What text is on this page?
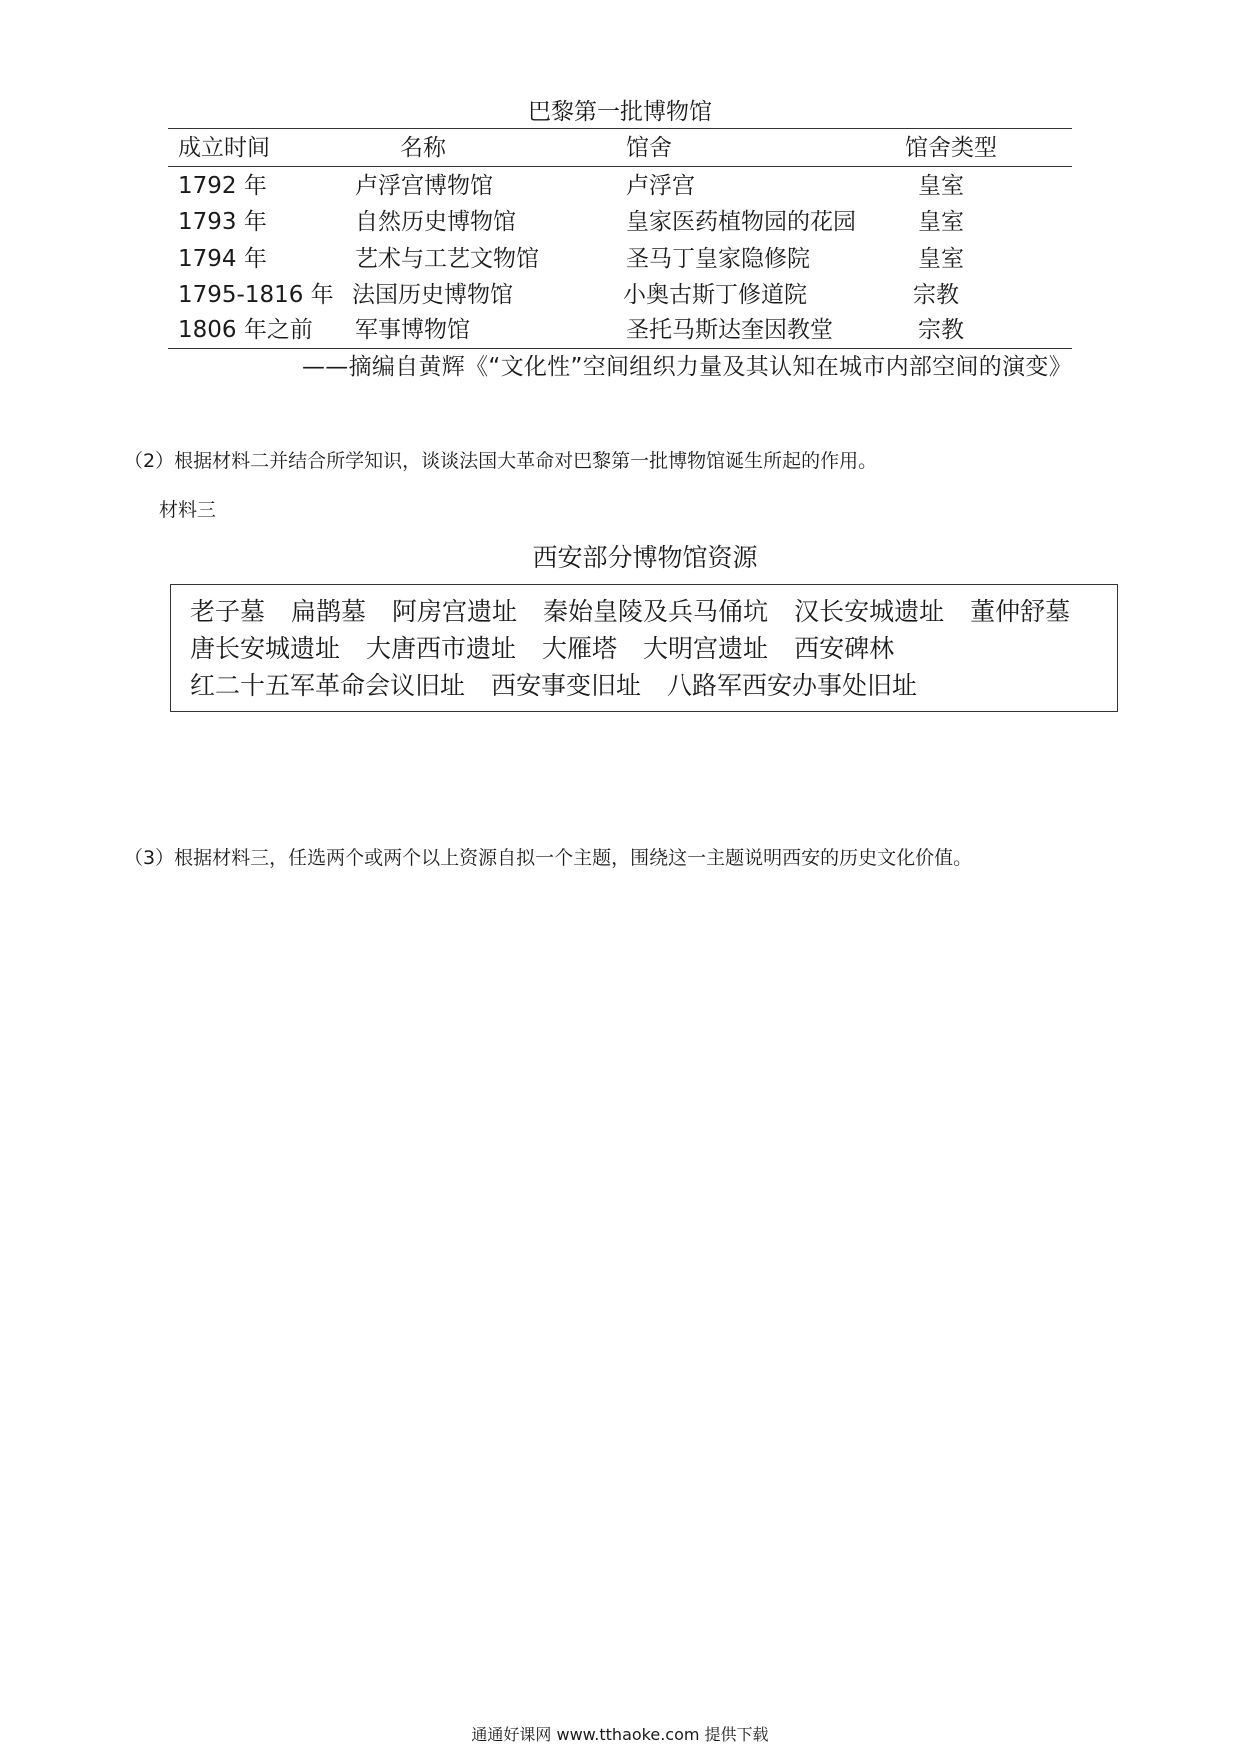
巴黎第一批博物馆
成立时间	名称	馆舍	馆舍类型
1792 年	卢浮宫博物馆	卢浮宫	皇室
1793 年	自然历史博物馆	皇家医药植物园的花园	皇室
1794 年	艺术与工艺文物馆	圣马丁皇家隐修院	皇室
1795-1816 年 法国历史博物馆	小奥古斯丁修道院	宗教
1806 年之前 军事博物馆	圣托马斯达奎因教堂	宗教
——摘编自黄辉《“文化性”空间组织力量及其认知在城市内部空间的演变》
（2）根据材料二并结合所学知识，谈谈法国大革命对巴黎第一批博物馆诞生所起的作用。
材料三
西安部分博物馆资源
老子墓 扁鹊墓 阿房宫遗址 秦始皇陵及兵马俑坑 汉长安城遗址 董仲舒墓
唐长安城遗址 大唐西市遗址 大雁塔 大明宫遗址 西安碑林
红二十五军革命会议旧址 西安事变旧址 八路军西安办事处旧址
（3）根据材料三，任选两个或两个以上资源自拟一个主题，围绕这一主题说明西安的历史文化价值。
通通好课网 www.tthaoke.com 提供下载
